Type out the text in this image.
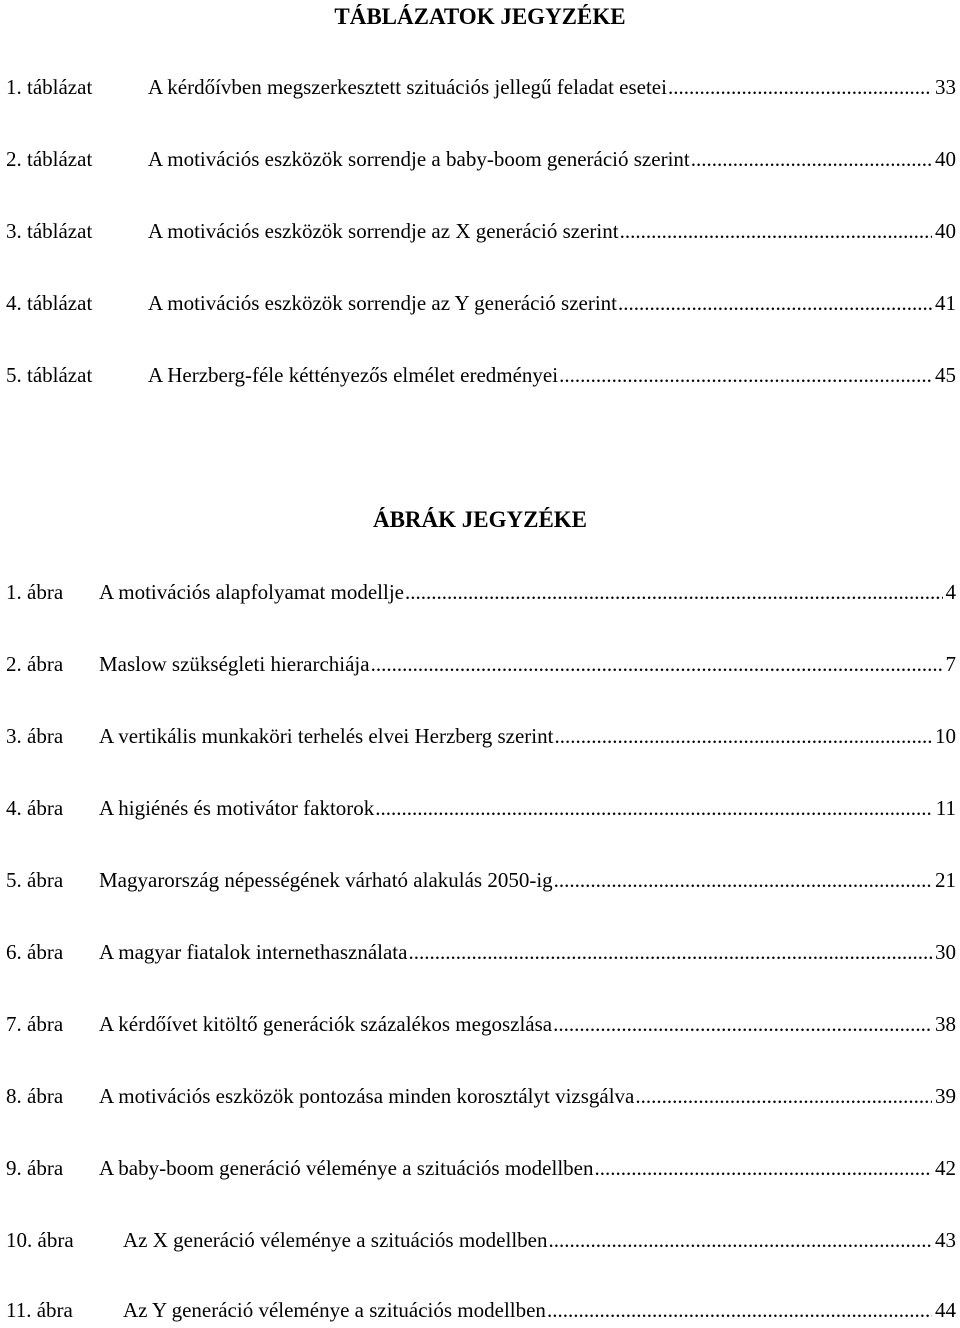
TÁBLÁZATOK JEGYZÉKE
1. táblázat	A kérdőívben megszerkesztett szituációs jellegű feladat esetei .....	33
2. táblázat	A motivációs eszközök sorrendje a baby-boom generáció szerint .....	40
3. táblázat	A motivációs eszközök sorrendje az X generáció szerint .....	40
4. táblázat	A motivációs eszközök sorrendje az Y generáció szerint .....	41
5. táblázat	A Herzberg-féle kéttényezős elmélet eredményei .....	45
ÁBRÁK JEGYZÉKE
1. ábra	A motivációs alapfolyamat modellje .....	4
2. ábra	Maslow szükségleti hierarchiája .....	7
3. ábra	A vertikális munkaköri terhelés elvei Herzberg szerint .....	10
4. ábra	A higiénés és motivátor faktorok .....	11
5. ábra	Magyarország népességének várható alakulás 2050-ig .....	21
6. ábra	A magyar fiatalok internethasználata .....	30
7. ábra	A kérdőívet kitöltő generációk százalékos megoszlása .....	38
8. ábra	A motivációs eszközök pontozása minden korosztályt vizsgálva .....	39
9. ábra	A baby-boom generáció véleménye a szituációs modellben .....	42
10. ábra	Az X generáció véleménye a szituációs modellben .....	43
11. ábra	Az Y generáció véleménye a szituációs modellben .....	44
